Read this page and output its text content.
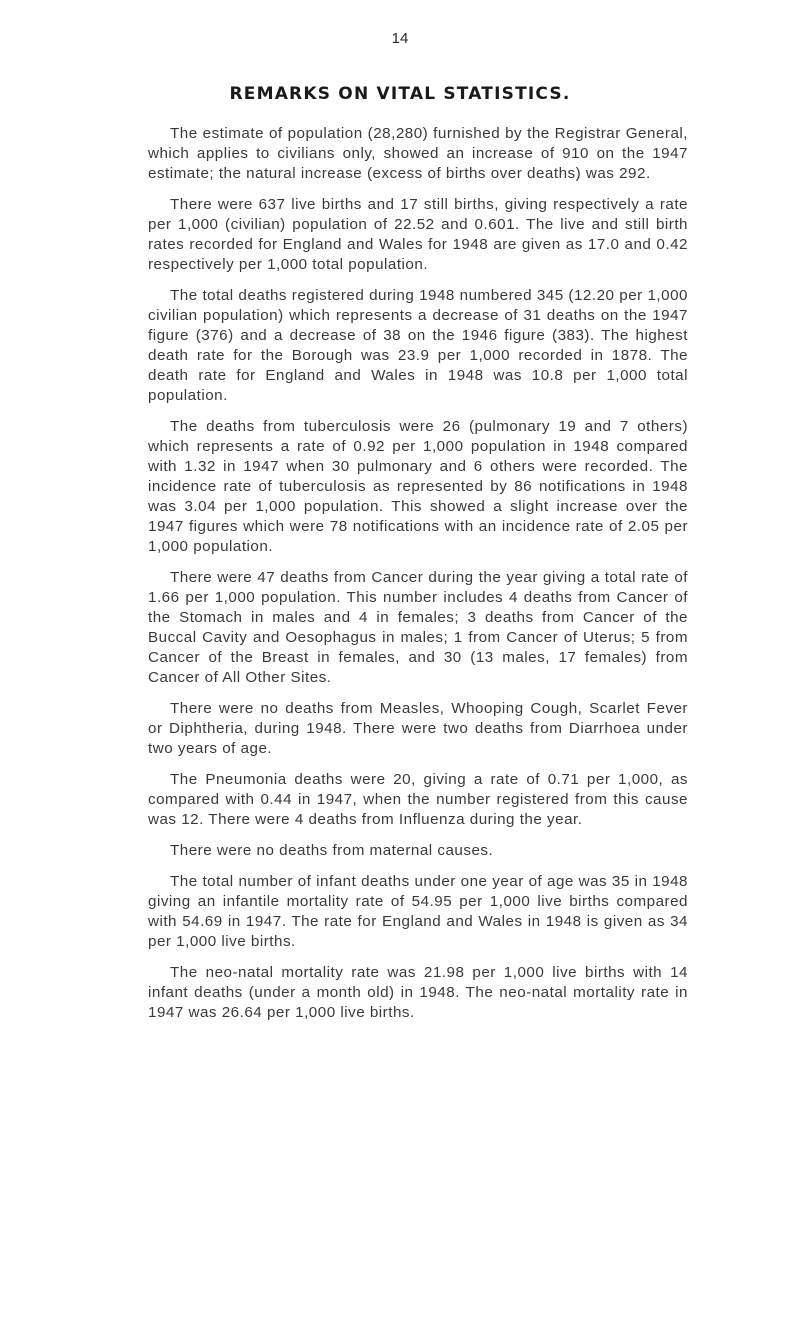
14
REMARKS ON VITAL STATISTICS.

The estimate of population (28,280) furnished by the Registrar General, which applies to civilians only, showed an increase of 910 on the 1947 estimate; the natural increase (excess of births over deaths) was 292.

There were 637 live births and 17 still births, giving respectively a rate per 1,000 (civilian) population of 22.52 and 0.601. The live and still birth rates recorded for England and Wales for 1948 are given as 17.0 and 0.42 respectively per 1,000 total population.

The total deaths registered during 1948 numbered 345 (12.20 per 1,000 civilian population) which represents a decrease of 31 deaths on the 1947 figure (376) and a decrease of 38 on the 1946 figure (383). The highest death rate for the Borough was 23.9 per 1,000 recorded in 1878. The death rate for England and Wales in 1948 was 10.8 per 1,000 total population.

The deaths from tuberculosis were 26 (pulmonary 19 and 7 others) which represents a rate of 0.92 per 1,000 population in 1948 compared with 1.32 in 1947 when 30 pulmonary and 6 others were recorded. The incidence rate of tuberculosis as represented by 86 notifications in 1948 was 3.04 per 1,000 population. This showed a slight increase over the 1947 figures which were 78 notifications with an incidence rate of 2.05 per 1,000 population.

There were 47 deaths from Cancer during the year giving a total rate of 1.66 per 1,000 population. This number includes 4 deaths from Cancer of the Stomach in males and 4 in females; 3 deaths from Cancer of the Buccal Cavity and Oesophagus in males; 1 from Cancer of Uterus; 5 from Cancer of the Breast in females, and 30 (13 males, 17 females) from Cancer of All Other Sites.

There were no deaths from Measles, Whooping Cough, Scarlet Fever or Diphtheria, during 1948. There were two deaths from Diarrhoea under two years of age.

The Pneumonia deaths were 20, giving a rate of 0.71 per 1,000, as compared with 0.44 in 1947, when the number registered from this cause was 12. There were 4 deaths from Influenza during the year.

There were no deaths from maternal causes.

The total number of infant deaths under one year of age was 35 in 1948 giving an infantile mortality rate of 54.95 per 1,000 live births compared with 54.69 in 1947. The rate for England and Wales in 1948 is given as 34 per 1,000 live births.

The neo-natal mortality rate was 21.98 per 1,000 live births with 14 infant deaths (under a month old) in 1948. The neo-natal mortality rate in 1947 was 26.64 per 1,000 live births.
